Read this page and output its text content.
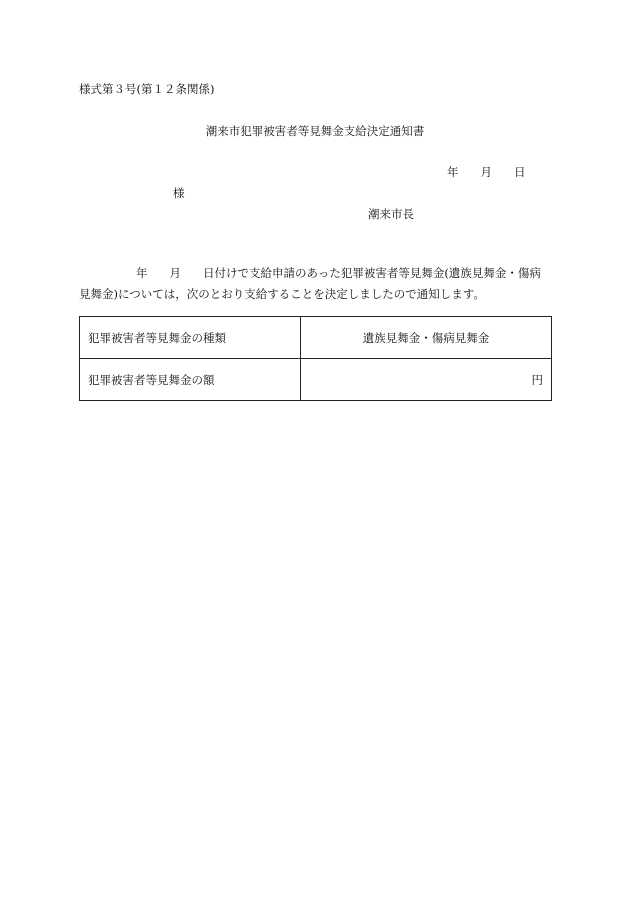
様式第３号(第１２条関係)
潮来市犯罪被害者等見舞金支給決定通知書
年 月 日
様
潮来市長
年 月 日付けで支給申請のあった犯罪被害者等見舞金(遺族見舞金・傷病
見舞金)については，次のとおり支給することを決定しましたので通知します。
犯罪被害者等見舞金の種類	遺族見舞金・傷病見舞金
犯罪被害者等見舞金の額	円
